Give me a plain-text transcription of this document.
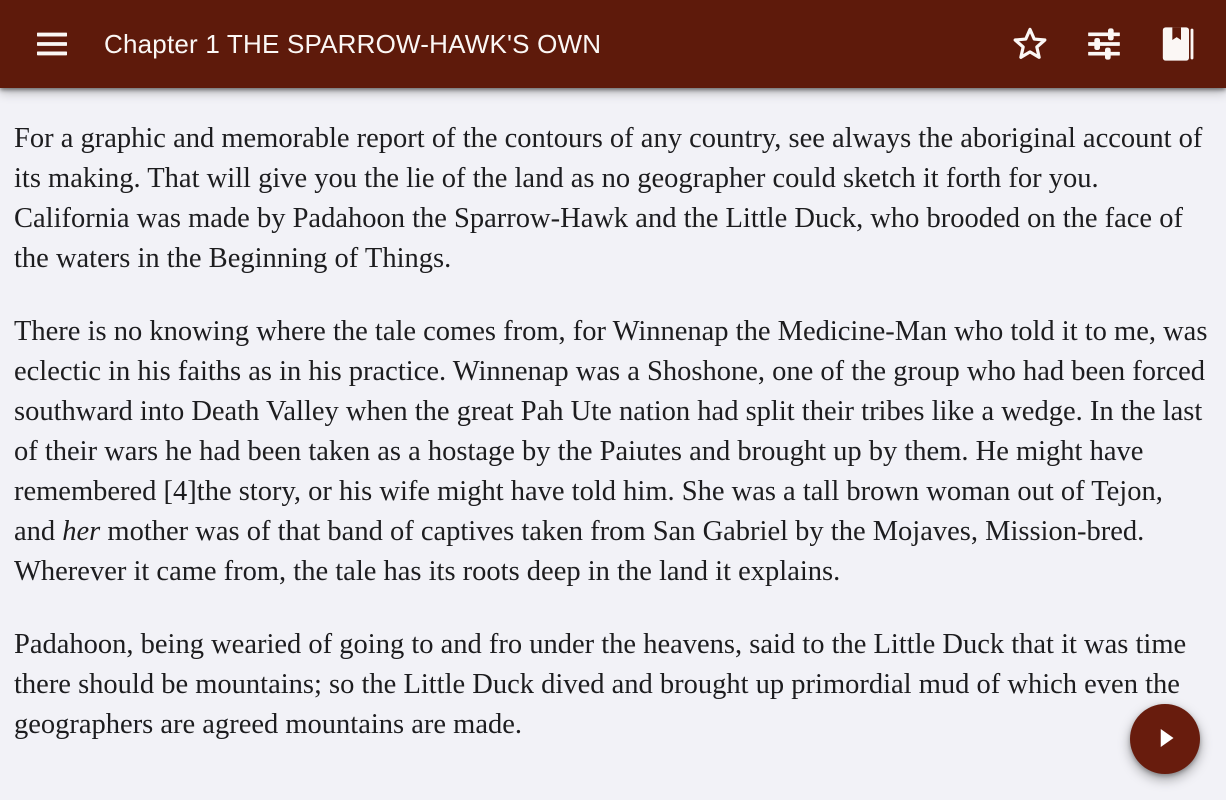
Chapter 1 THE SPARROW-HAWK'S OWN

For a graphic and memorable report of the contours of any country, see always the aboriginal account of its making. That will give you the lie of the land as no geographer could sketch it forth for you. California was made by Padahoon the Sparrow-Hawk and the Little Duck, who brooded on the face of the waters in the Beginning of Things.

There is no knowing where the tale comes from, for Winnenap the Medicine-Man who told it to me, was eclectic in his faiths as in his practice. Winnenap was a Shoshone, one of the group who had been forced southward into Death Valley when the great Pah Ute nation had split their tribes like a wedge. In the last of their wars he had been taken as a hostage by the Paiutes and brought up by them. He might have remembered [4]the story, or his wife might have told him. She was a tall brown woman out of Tejon,
and her mother was of that band of captives taken from San Gabriel by the Mojaves, Mission-bred. Wherever it came from, the tale has its roots deep in the land it explains.

Padahoon, being wearied of going to and fro under the heavens, said to the Little Duck that it was time there should be mountains; so the Little Duck dived and brought up primordial mud of which even the geographers are agreed mountains are made.
